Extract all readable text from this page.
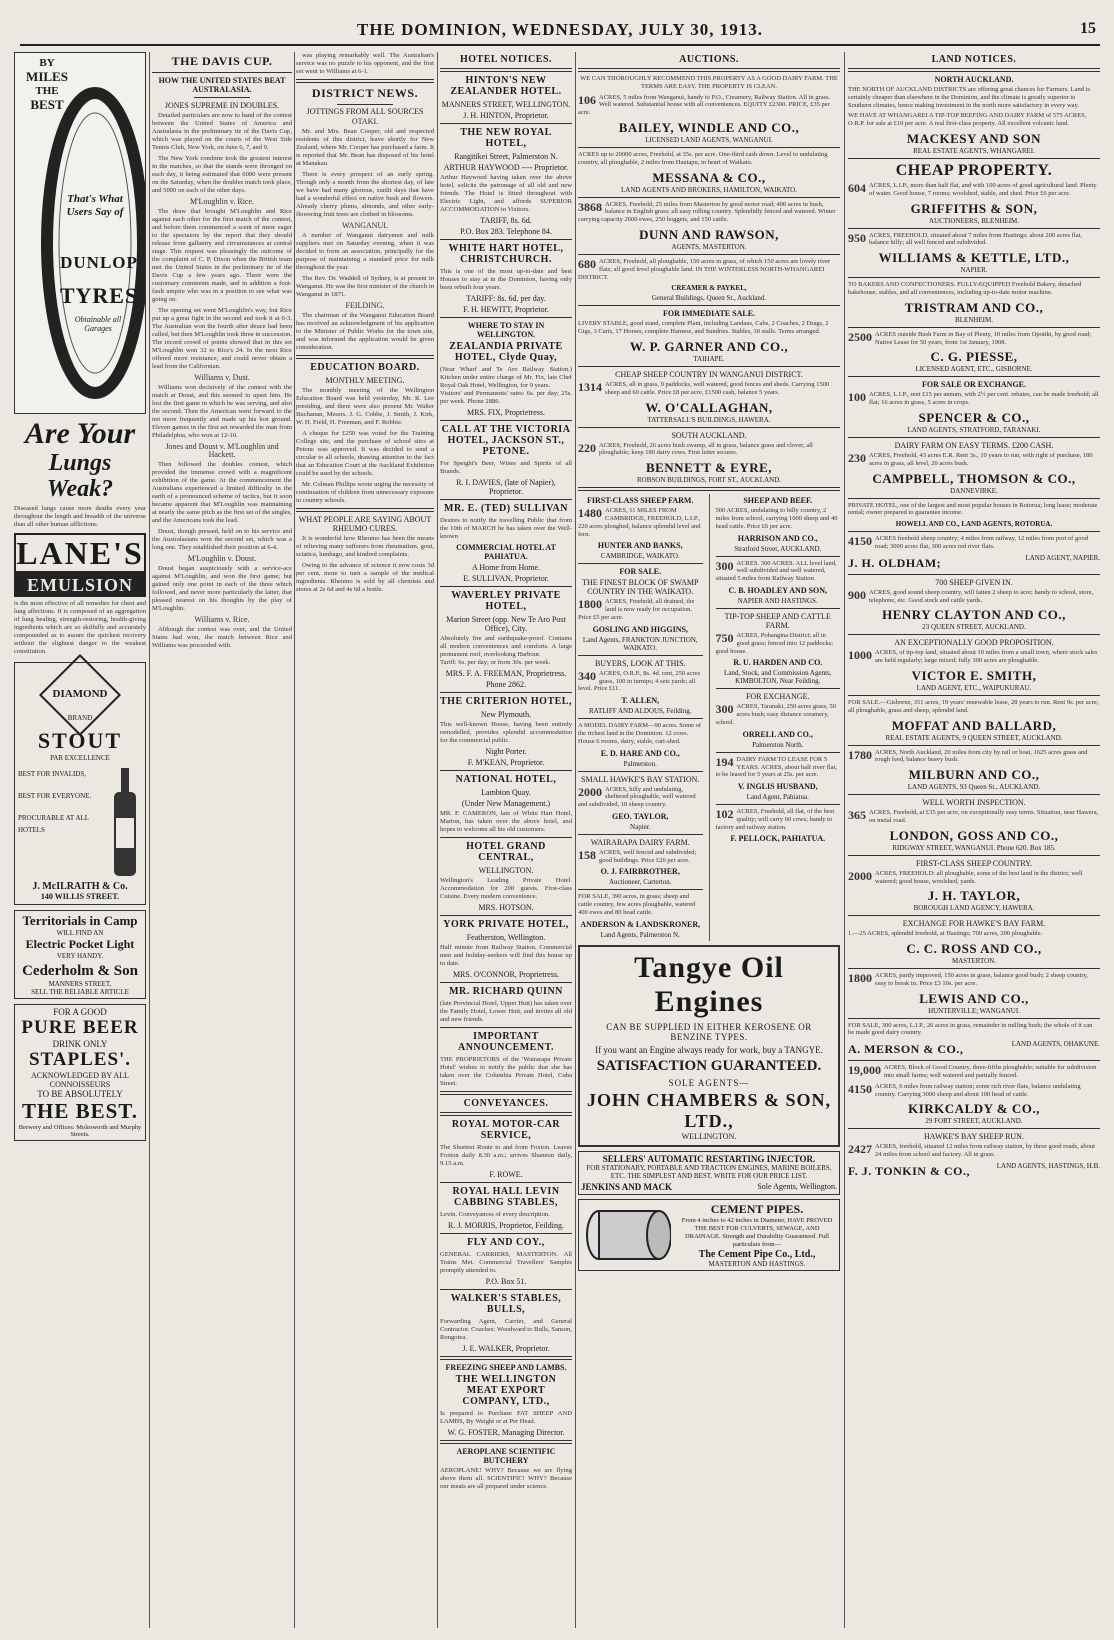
THE DOMINION, WEDNESDAY, JULY 30, 1913.	15
BY
MILES
THE
BEST
That's What Users Say of
DUNLOP
TYRES
Obtainable all Garages
Are Your
Lungs Weak?
Diseased lungs cause more deaths every year throughout the length and breadth of the universe than all other human afflictions.
LANE'S
EMULSION
is the most effective of all remedies for chest and lung affections. It is composed of an aggregation of lung healing, strength-restoring, health-giving ingredients which are so skilfully and accurately compounded as to assure the quickest recovery without the slightest danger to the weakest constitution.
DIAMOND
BRAND
STOUT
PAR EXCELLENCE
BEST FOR INVALIDS,
BEST FOR EVERYONE.
PROCURABLE AT ALL HOTELS
J. McILRAITH & Co.
140 WILLIS STREET.
Territorials in Camp
WILL FIND AN
Electric Pocket Light
VERY HANDY.
Cederholm & Son
MANNERS STREET,
SELL THE RELIABLE ARTICLE
FOR A GOOD
PURE BEER
DRINK ONLY
STAPLES'.
ACKNOWLEDGED BY ALL CONNOISSEURS
TO BE ABSOLUTELY
THE BEST.
Brewery and Offices: Molesworth and Murphy Streets.
THE DAVIS CUP.
HOW THE UNITED STATES BEAT AUSTRALASIA.
JONES SUPREME IN DOUBLES.

Detailed particulars are now to hand of the contest between the United States of America and Australasia in the preliminary tie of the Davis Cup, which was played on the courts of the West Side Tennis Club, New York, on June 6, 7, and 9.

The New York combine took the greatest interest in the matches, so that the stands were thronged on each day, it being estimated that 6000 were present on the Saturday, when the doubles match took place, and 5000 on each of the other days.

M'Loughlin v. Rice.

The draw that brought M'Loughlin and Rice against each other for the first match of the contest, and before them commenced a scent of mere eager to the spectators by the report that they should release from gallantry and circumstances at central stage. This request was pleasingly the outcome of the complaint of C. P. Dixon when the British team met the United States in the preliminary tie of the Davis Cup a few years ago. There were the customary comments made, and in addition a foot-fault umpire who was in a position to see what was going on.

The opening set went M'Loughlin's way, but Rice put up a great fight in the second and took it at 6-3. The Australian won the fourth after deuce had been called, but then M'Loughlin took three in succession. The record crowd of points showed that in this set M'Loughlin won 32 to Rice's 24. In the next Rice offered more resistance, and could never obtain a lead from the Californian.

Williams v. Dust.

Williams won decisively of the contest with the match at Doust, and this seemed to upset him. He lost the first game in which he was serving, and also the second. Then the American went forward to the net more frequently and made up his lost ground. Eleven games in the first set rewarded the man from Philadelphia, who won at 12-10.

Jones and Doust v. M'Loughlin and Hackett.

Then followed the doubles contest, which provided the immense crowd with a magnificent exhibition of the game. At the commencement the Australians experienced a limited difficulty in the earth of a pronounced scheme of tactics, but it soon became apparent that M'Loughlin was maintaining at nearly the same pitch as the first set of the singles, and the Americans took the lead.

Doust, though pressed, held on to his service and the Australasians won the second set, which was a long one. They established their position at 6-4.

M'Loughlin v. Doust.

Doust began auspiciously with a service-ace against M'Loughlin, and won the first game; but gained only one point in each of the three which followed, and never more particularly the latter, that pleased nearest on his thoughts by the play of M'Loughlin.

Williams v. Rice.

Although the contest was over, and the United States had won, the match between Rice and Williams was proceeded with.

was playing remarkably well. The Australian's service was no puzzle to his opponent, and the first set went to Williams at 6-1.

DISTRICT NEWS.
JOTTINGS FROM ALL SOURCES
OTAKI.

Mr. and Mrs. Bean Cooper, old and respected residents of this district, leave shortly for New Zealand, where Mr. Cooper has purchased a farm. It is reported that Mr. Bean has disposed of his hotel at Manakau.

There is every prospect of an early spring. Though only a month from the shortest day, of late we have had many glorious, sunlit days that have had a wonderful effect on native bush and flowers. Already cherry plums, almonds, and other early-flowering fruit trees are clothed in blossoms.

WANGANUI.

A number of Wanganui dairymen and milk suppliers met on Saturday evening, when it was decided to form an association, principally for the purpose of maintaining a standard price for milk throughout the year.

The Rev. Dr. Waddell of Sydney, is at present in Wanganui. He was the first minister of the church in Wanganui in 1871.

FEILDING.

The chairman of the Wanganui Education Board has received an acknowledgment of his application to the Minister of Public Works for the town site, and was informed the application would be given consideration.

EDUCATION BOARD.
MONTHLY MEETING.

The monthly meeting of the Wellington Education Board was held yesterday, Mr. R. Lee presiding, and there were also present Mr. Walter Buchanan, Messrs. J. G. Cobbe, J. Smith, J. Kirk, W. H. Field, H. Freeman, and F. Robbie.

A cheque for £250 was voted for the Training College site, and the purchase of school sites at Petone was approved. It was decided to send a circular to all schools, drawing attention to the fact that an Education Court at the Auckland Exhibition could be used by the schools.

Mr. Colman Phillips wrote urging the necessity of continuation of children from unnecessary exposure in country schools.

WHAT PEOPLE ARE SAYING ABOUT RHEUMO CURES.

It is wonderful how Rheumo has been the means of relieving many sufferers from rheumatism, gout, sciatica, lumbago, and kindred complaints.

Owing to the advance of science it now costs 3d per cent, more to turn a sample of the medical ingredients. Rheumo is sold by all chemists and stores at 2s 6d and 4s 6d a bottle.

HOTEL NOTICES.
HINTON'S NEW ZEALANDER HOTEL.
MANNERS STREET, WELLINGTON.
J. H. HINTON, Proprietor.
THE NEW ROYAL HOTEL,
Rangitikei Street, Palmerston N.
ARTHUR HAYWOOD ---- Proprietor.
Arthur Haywood having taken over the above hotel, solicits the patronage of all old and new friends. The Hotel is fitted throughout with Electric Light, and affords SUPERIOR ACCOMMODATION to Visitors.
TARIFF, 8s. 6d.
P.O. Box 283. Telephone 84.
WHITE HART HOTEL, CHRISTCHURCH.
This is one of the most up-to-date and best Houses to stay at in the Dominion, having only been rebuilt four years.
TARIFF: 8s. 6d. per day.
F. H. HEWITT, Proprietor.
WHERE TO STAY IN WELLINGTON.
ZEALANDIA PRIVATE HOTEL, Clyde Quay,
(Near Wharf and Te Aro Railway Station.) Kitchen under entire charge of Mr. Fix, late Chef Royal Oak Hotel, Wellington, for 9 years.
Visitors' and Permanents' rates: 6s. per day; 25s. per week. Phone 2886.
MRS. FIX, Proprietress.
CALL AT THE VICTORIA HOTEL, JACKSON ST., PETONE.
For Speight's Beer, Wines and Spirits of all Brands.
R. I. DAVIES, (late of Napier), Proprietor.
MR. E. (TED) SULLIVAN
Desires to notify the travelling Public that from the 10th of MARCH he has taken over the Well-known
COMMERCIAL HOTEL AT PAHIATUA.
A Home from Home.
E. SULLIVAN, Proprietor.
WAVERLEY PRIVATE HOTEL,
Marion Street (opp. New Te Aro Post Office), City.
Absolutely fire and earthquake-proof. Contains all modern conveniences and comforts. A large permanent roof, overlooking Harbour.
Tariff: 6s. per day; or from 30s. per week.
MRS. F. A. FREEMAN, Proprietress.
Phone 2862.
THE CRITERION HOTEL,
New Plymouth.
This well-known House, having been entirely remodelled, provides splendid accommodation for the commercial public.
Night Porter.
F. M'KEAN, Proprietor.
NATIONAL HOTEL,
Lambton Quay.
(Under New Management.)
MR. F. CAMERON, late of White Hart Hotel, Marton, has taken over the above hotel, and hopes to welcome all his old customers.
HOTEL GRAND CENTRAL,
WELLINGTON.
Wellington's Leading Private Hotel. Accommodation for 200 guests. First-class Cuisine. Every modern convenience.
MRS. HOTSON.
YORK PRIVATE HOTEL,
Featherston, Wellington.
Half minute from Railway Station. Commercial men and holiday-seekers will find this house up to date.
MRS. O'CONNOR, Proprietress.
MR. RICHARD QUINN
(late Provincial Hotel, Upper Hutt) has taken over the Family Hotel, Lower Hutt, and invites all old and new friends.
IMPORTANT ANNOUNCEMENT.
THE PROPRIETORS of the 'Wairarapa Private Hotel' wishes to notify the public that she has taken over the Columbia Private Hotel, Cuba Street.
CONVEYANCES.
ROYAL MOTOR-CAR SERVICE,
The Shortest Route to and from Foxton. Leaves Foxton daily 8.30 a.m.; arrives Shannon daily, 9.15 a.m.
F. ROWE.
ROYAL HALL LEVIN CABBING STABLES,
Levin. Conveyances of every description.
R. J. MORRIS, Proprietor, Feilding.
FLY AND COY.,
GENERAL CARRIERS, MASTERTON. All Trains Met. Commercial Travellers' Samples promptly attended to.
P.O. Box 51.
WALKER'S STABLES, BULLS,
Forwarding Agent, Carrier, and General Contractor. Coaches: Woodward to Bulls, Sanson, Rongotea.
J. E. WALKER, Proprietor.
FREEZING SHEEP AND LAMBS.
THE WELLINGTON MEAT EXPORT COMPANY, LTD.,
Is prepared to Purchase FAT SHEEP AND LAMBS, By Weight or at Per Head.
W. G. FOSTER, Managing Director.
AEROPLANE SCIENTIFIC BUTCHERY
AEROPLANE! WHY? Because we are flying above them all. SCIENTIFIC! WHY? Because our meats are all prepared under science.
AUCTIONS.
WE CAN THOROUGHLY RECOMMEND THIS PROPERTY AS A GOOD DAIRY FARM. THE TERMS ARE EASY. THE PROPERTY IS CLEAN.
106 ACRES, 5 miles from Wanganui, handy to P.O., Creamery, Railway Station. All in grass. Well watered. Substantial house with all conveniences. EQUITY £2300. PRICE, £35 per acre.
BAILEY, WINDLE AND CO.,
LICENSED LAND AGENTS, WANGANUI.
ACRES up to 20000 acres, Freehold, at 35s. per acre. One-third cash down. Level to undulating country, all ploughable, 2 miles from Hautapu, in heart of Waikato.
MESSANA & CO.,
LAND AGENTS AND BROKERS, HAMILTON, WAIKATO.
3868 ACRES, Freehold, 25 miles from Masterton by good motor road; 400 acres in bush, balance in English grass; all easy rolling country. Splendidly fenced and watered. Winter carrying capacity 2600 ewes, 250 hoggets, and 150 cattle.
DUNN AND RAWSON,
AGENTS, MASTERTON.
680 ACRES, Freehold, all ploughable, 150 acres in grass, of which 150 acres are lovely river flats; all good level ploughable land. IN THE WINTERLESS NORTH-WHANGAREI DISTRICT.
CREAMER & PAYKEL,
General Buildings, Queen St., Auckland.
FOR IMMEDIATE SALE.
LIVERY STABLE, good stand, complete Plant, including Landaus, Cabs, 2 Coaches, 2 Drags, 2 Gigs, 3 Carts, 17 Horses, complete Harness, and Sundries. Stables, 30 stalls. Terms arranged.
W. P. GARNER AND CO.,
TAIHAPE.
CHEAP SHEEP COUNTRY IN WANGANUI DISTRICT.
1314 ACRES, all in grass, 9 paddocks, well watered, good fences and sheds. Carrying 1500 sheep and 60 cattle. Price £8 per acre, £1500 cash, balance 5 years.
W. O'CALLAGHAN,
TATTERSALL'S BUILDINGS, HAWERA.
SOUTH AUCKLAND.
220 ACRES, Freehold, 26 acres bush swamp, all in grass, balance grass and clover, all ploughable; keep 180 dairy cows. First letter secures.
BENNETT & EYRE,
ROBSON BUILDINGS, FORT ST., AUCKLAND.
FIRST-CLASS SHEEP FARM.
1480 ACRES, 11 MILES FROM CAMBRIDGE, FREEHOLD, L.I.P., 220 acres ploughed, balance splendid level and fern.
HUNTER AND BANKS,
CAMBRIDGE, WAIKATO.
FOR SALE.
THE FINEST BLOCK OF SWAMP COUNTRY IN THE WAIKATO.
1800 ACRES, Freehold, all drained, the land is now ready for occupation. Price £5 per acre.
GOSLING AND HIGGINS,
Land Agents, FRANKTON JUNCTION, WAIKATO.
BUYERS, LOOK AT THIS.
340 ACRES, O.R.P., 8s. 4d. rent, 250 acres grass, 100 in turnips; 4 sets yards; all level. Price £11.
T. ALLEN,
RATLIFF AND ALDOUS, Feilding.
A MODEL DAIRY FARM—90 acres. Some of the richest land in the Dominion. 12 cows. House 6 rooms, dairy, stable, cart-shed.
E. D. HARE AND CO.,
Palmerston.
SMALL HAWKE'S BAY STATION.
2000 ACRES, hilly and undulating, sheltered ploughable, well watered and subdivided, 18 sheep country.
GEO. TAYLOR,
Napier.
WAIRARAPA DAIRY FARM.
158 ACRES, well fenced and subdivided; good buildings. Price £26 per acre.
O. J. FAIRBROTHER,
Auctioneer, Carterton.
FOR SALE, 390 acres, in grass; sheep and cattle country, few acres ploughable, watered 400 ewes and 80 head cattle.
ANDERSON & LANDSKRONER,
Land Agents, Palmerston N.
SHEEP AND BEEF.
500 ACRES, undulating to hilly country, 2 miles from school, carrying 1000 sheep and 40 head cattle. Price £6 per acre.
HARRISON AND CO.,
Stratford Street, AUCKLAND.
300 ACRES. 300 ACRES. ALL level land, well subdivided and well watered, situated 5 miles from Railway Station.
C. B. HOADLEY AND SON,
NAPIER AND HASTINGS.
TIP-TOP SHEEP AND CATTLE FARM.
750 ACRES, Pohangina District; all in good grass; fenced into 12 paddocks; good house.
R. U. HARDEN AND CO.
Land, Stock, and Commission Agents, KIMBOLTON, Near Feilding.
FOR EXCHANGE.
300 ACRES, Taranaki, 250 acres grass, 50 acres bush; easy distance creamery, school.
ORRELL AND CO.,
Palmerston North.
194 DAIRY FARM TO LEASE FOR 5 YEARS. ACRES, about half river flat, to be leased for 5 years at 25s. per acre.
V. INGLIS HUSBAND,
Land Agent, Pahiatua.
102 ACRES, Freehold, all flat, of the best quality; will carry 60 cows; handy to factory and railway station.
F. PELLOCK, PAHIATUA.
Tangye Oil Engines
CAN BE SUPPLIED IN EITHER KEROSENE OR BENZINE TYPES.
If you want an Engine always ready for work, buy a TANGYE.
SATISFACTION GUARANTEED.
SOLE AGENTS—
JOHN CHAMBERS & SON, LTD.,
WELLINGTON.
SELLERS' AUTOMATIC RESTARTING INJECTOR.
FOR STATIONARY, PORTABLE AND TRACTION ENGINES, MARINE BOILERS, ETC. THE SIMPLEST AND BEST. WRITE FOR OUR PRICE LIST.
JENKINS AND MACK	Sole Agents, Wellington.
CEMENT PIPES.
From 4 inches to 42 inches in Diameter, HAVE PROVED THE BEST FOR CULVERTS, SEWAGE, AND DRAINAGE. Strength and Durability Guaranteed. Full particulars from—
The Cement Pipe Co., Ltd.,
MASTERTON AND HASTINGS.
LAND NOTICES.
NORTH AUCKLAND.
THE NORTH OF AUCKLAND DISTRICTS are offering great chances for Farmers. Land is certainly cheaper than elsewhere in the Dominion, and the climate is greatly superior to Southern climates, hence making investment in the north more satisfactory in every way.
WE HAVE AT WHANGAREI A TIP-TOP BEEFING AND DAIRY FARM of 575 ACRES, O.R.P. for sale at £10 per acre. A real first-class property. All excellent volcanic land.
MACKESY AND SON
REAL ESTATE AGENTS, WHANGAREI.
CHEAP PROPERTY.
604 ACRES, L.I.P., more than half flat, and with 100 acres of good agricultural land. Plenty of water. Good house, 7 rooms; woolshed, stable, and shed. Price £6 per acre.
GRIFFITHS & SON,
AUCTIONEERS, BLENHEIM.
950 ACRES, FREEHOLD, situated about 7 miles from Hastings; about 200 acres flat, balance hilly; all well fenced and subdivided.
WILLIAMS & KETTLE, LTD.,
NAPIER.
TO BAKERS AND CONFECTIONERS. FULLY-EQUIPPED Freehold Bakery, detached bakehouse, stables, and all conveniences, including up-to-date motor machine.
TRISTRAM AND CO.,
BLENHEIM.
2500 ACRES outside Bush Farm in Bay of Plenty, 10 miles from Opotiki, by good road; Native Lease for 50 years, from 1st January, 1908.
C. G. PIESSE,
LICENSED AGENT, ETC., GISBORNE.
FOR SALE OR EXCHANGE.
100 ACRES, L.I.P., rent £15 per annum, with 2½ per cent. rebates, can be made freehold; all flat; 16 acres in grass, 5 acres in crops.
SPENCER & CO.,
LAND AGENTS, STRATFORD, TARANAKI.
DAIRY FARM ON EASY TERMS. £200 CASH.
230 ACRES, Freehold, 43 acres E.R. Rent 3s., 10 years to run, with right of purchase, 180 acres in grass, all level, 20 acres bush.
CAMPBELL, THOMSON & CO.,
DANNEVIRKE.
PRIVATE HOTEL, one of the largest and most popular houses in Rotorua; long lease; moderate rental; owner prepared to guarantee income.
HOWELL AND CO., LAND AGENTS, ROTORUA.
4150 ACRES freehold sheep country; 4 miles from railway, 12 miles from port of good road; 3000 acres flat, 300 acres red river flats.
J. H. OLDHAM;	LAND AGENT, NAPIER.
700 SHEEP GIVEN IN.
900 ACRES, good sound sheep country, will fatten 2 sheep to acre; handy to school, store, telephone, etc. Good stock and cattle yards.
HENRY CLAYTON AND CO.,
23 QUEEN STREET, AUCKLAND.
AN EXCEPTIONALLY GOOD PROPOSITION.
1000 ACRES, of tip-top land, situated about 10 miles from a small town, where stock sales are held regularly; large mixed; fully 300 acres are ploughable.
VICTOR E. SMITH,
LAND AGENT, ETC., WAIPUKURAU.
FOR SALE.—Gisborne, 351 acres, 19 years' renewable lease, 28 years to run. Rent 9s. per acre; all ploughable, grass and sheep, splendid land.
MOFFAT AND BALLARD,
REAL ESTATE AGENTS, 9 QUEEN STREET, AUCKLAND.
1780 ACRES, North Auckland, 20 miles from city by rail or boat, 1625 acres grass and rough feed, balance heavy bush.
MILBURN AND CO.,
LAND AGENTS, 93 Queen St., AUCKLAND.
WELL WORTH INSPECTION.
365 ACRES, Freehold, at £35 per acre, on exceptionally easy terms. Situation, near Hawera, on metal road.
LONDON, GOSS AND CO.,
RIDGWAY STREET, WANGANUI. Phone 620. Box 185.
FIRST-CLASS SHEEP COUNTRY.
2000 ACRES, FREEHOLD: all ploughable, some of the best land in the district; well watered; good house, woolshed, yards.
J. H. TAYLOR,
BOROUGH LAND AGENCY, HAWERA.
EXCHANGE FOR HAWKE'S BAY FARM.
1.—25 ACRES, splendid freehold, at Hastings; 700 acres, 200 ploughable.
C. C. ROSS AND CO.,
MASTERTON.
1800 ACRES, partly improved, 150 acres in grass, balance good bush; 2 sheep country, easy to break in. Price £3 10s. per acre.
LEWIS AND CO.,
HUNTERVILLE; WANGANUI.
FOR SALE, 300 acres, L.I.P., 26 acres in grass, remainder in milling bush; the whole of it can be made good dairy country.
A. MERSON & CO.,	LAND AGENTS, OHAKUNE.
19,000 ACRES, Block of Good Country, three-fifths ploughable; suitable for subdivision into small farms; well watered and partially fenced.
4150 ACRES, 6 miles from railway station; some rich river flats, balance undulating country. Carrying 3000 sheep and about 100 head of cattle.
KIRKCALDY & CO.,
29 FORT STREET, AUCKLAND.
HAWKE'S BAY SHEEP RUN.
2427 ACRES, freehold, situated 12 miles from railway station, by three good roads, about 24 miles from school and factory. All in grass.
F. J. TONKIN & CO.,	LAND AGENTS, HASTINGS, H.B.
